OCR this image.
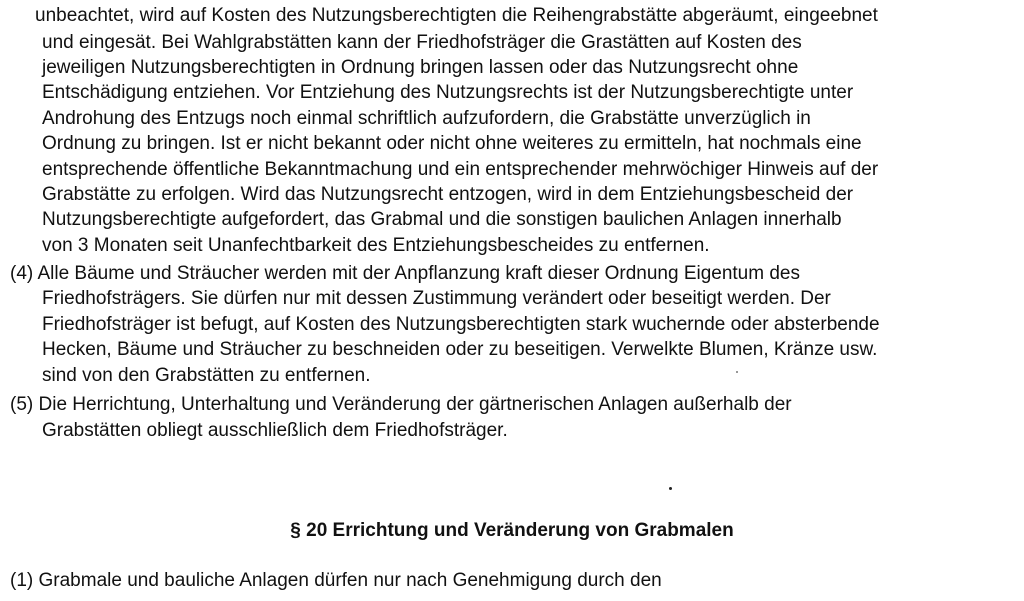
unbeachtet, wird auf Kosten des Nutzungsberechtigten die Reihengrabstätte abgeräumt, eingeebnet
und eingesät. Bei Wahlgrabstätten kann der Friedhofsträger die Grastätten auf Kosten des
jeweiligen Nutzungsberechtigten in Ordnung bringen lassen oder das Nutzungsrecht ohne
Entschädigung entziehen. Vor Entziehung des Nutzungsrechts ist der Nutzungsberechtigte unter
Androhung des Entzugs noch einmal schriftlich aufzufordern, die Grabstätte unverzüglich in
Ordnung zu bringen. Ist er nicht bekannt oder nicht ohne weiteres zu ermitteln, hat nochmals eine
entsprechende öffentliche Bekanntmachung und ein entsprechender mehrwöchiger Hinweis auf der
Grabstätte zu erfolgen. Wird das Nutzungsrecht entzogen, wird in dem Entziehungsbescheid der
Nutzungsberechtigte aufgefordert, das Grabmal und die sonstigen baulichen Anlagen innerhalb
von 3 Monaten seit Unanfechtbarkeit des Entziehungsbescheides zu entfernen.
(4) Alle Bäume und Sträucher werden mit der Anpflanzung kraft dieser Ordnung Eigentum des
Friedhofsträgers. Sie dürfen nur mit dessen Zustimmung verändert oder beseitigt werden. Der
Friedhofsträger ist befugt, auf Kosten des Nutzungsberechtigten stark wuchernde oder absterbende
Hecken, Bäume und Sträucher zu beschneiden oder zu beseitigen. Verwelkte Blumen, Kränze usw.
sind von den Grabstätten zu entfernen.
(5) Die Herrichtung, Unterhaltung und Veränderung der gärtnerischen Anlagen außerhalb der
Grabstätten obliegt ausschließlich dem Friedhofsträger.
§ 20 Errichtung und Veränderung von Grabmalen
(1) Grabmale und bauliche Anlagen dürfen nur nach Genehmigung durch den
